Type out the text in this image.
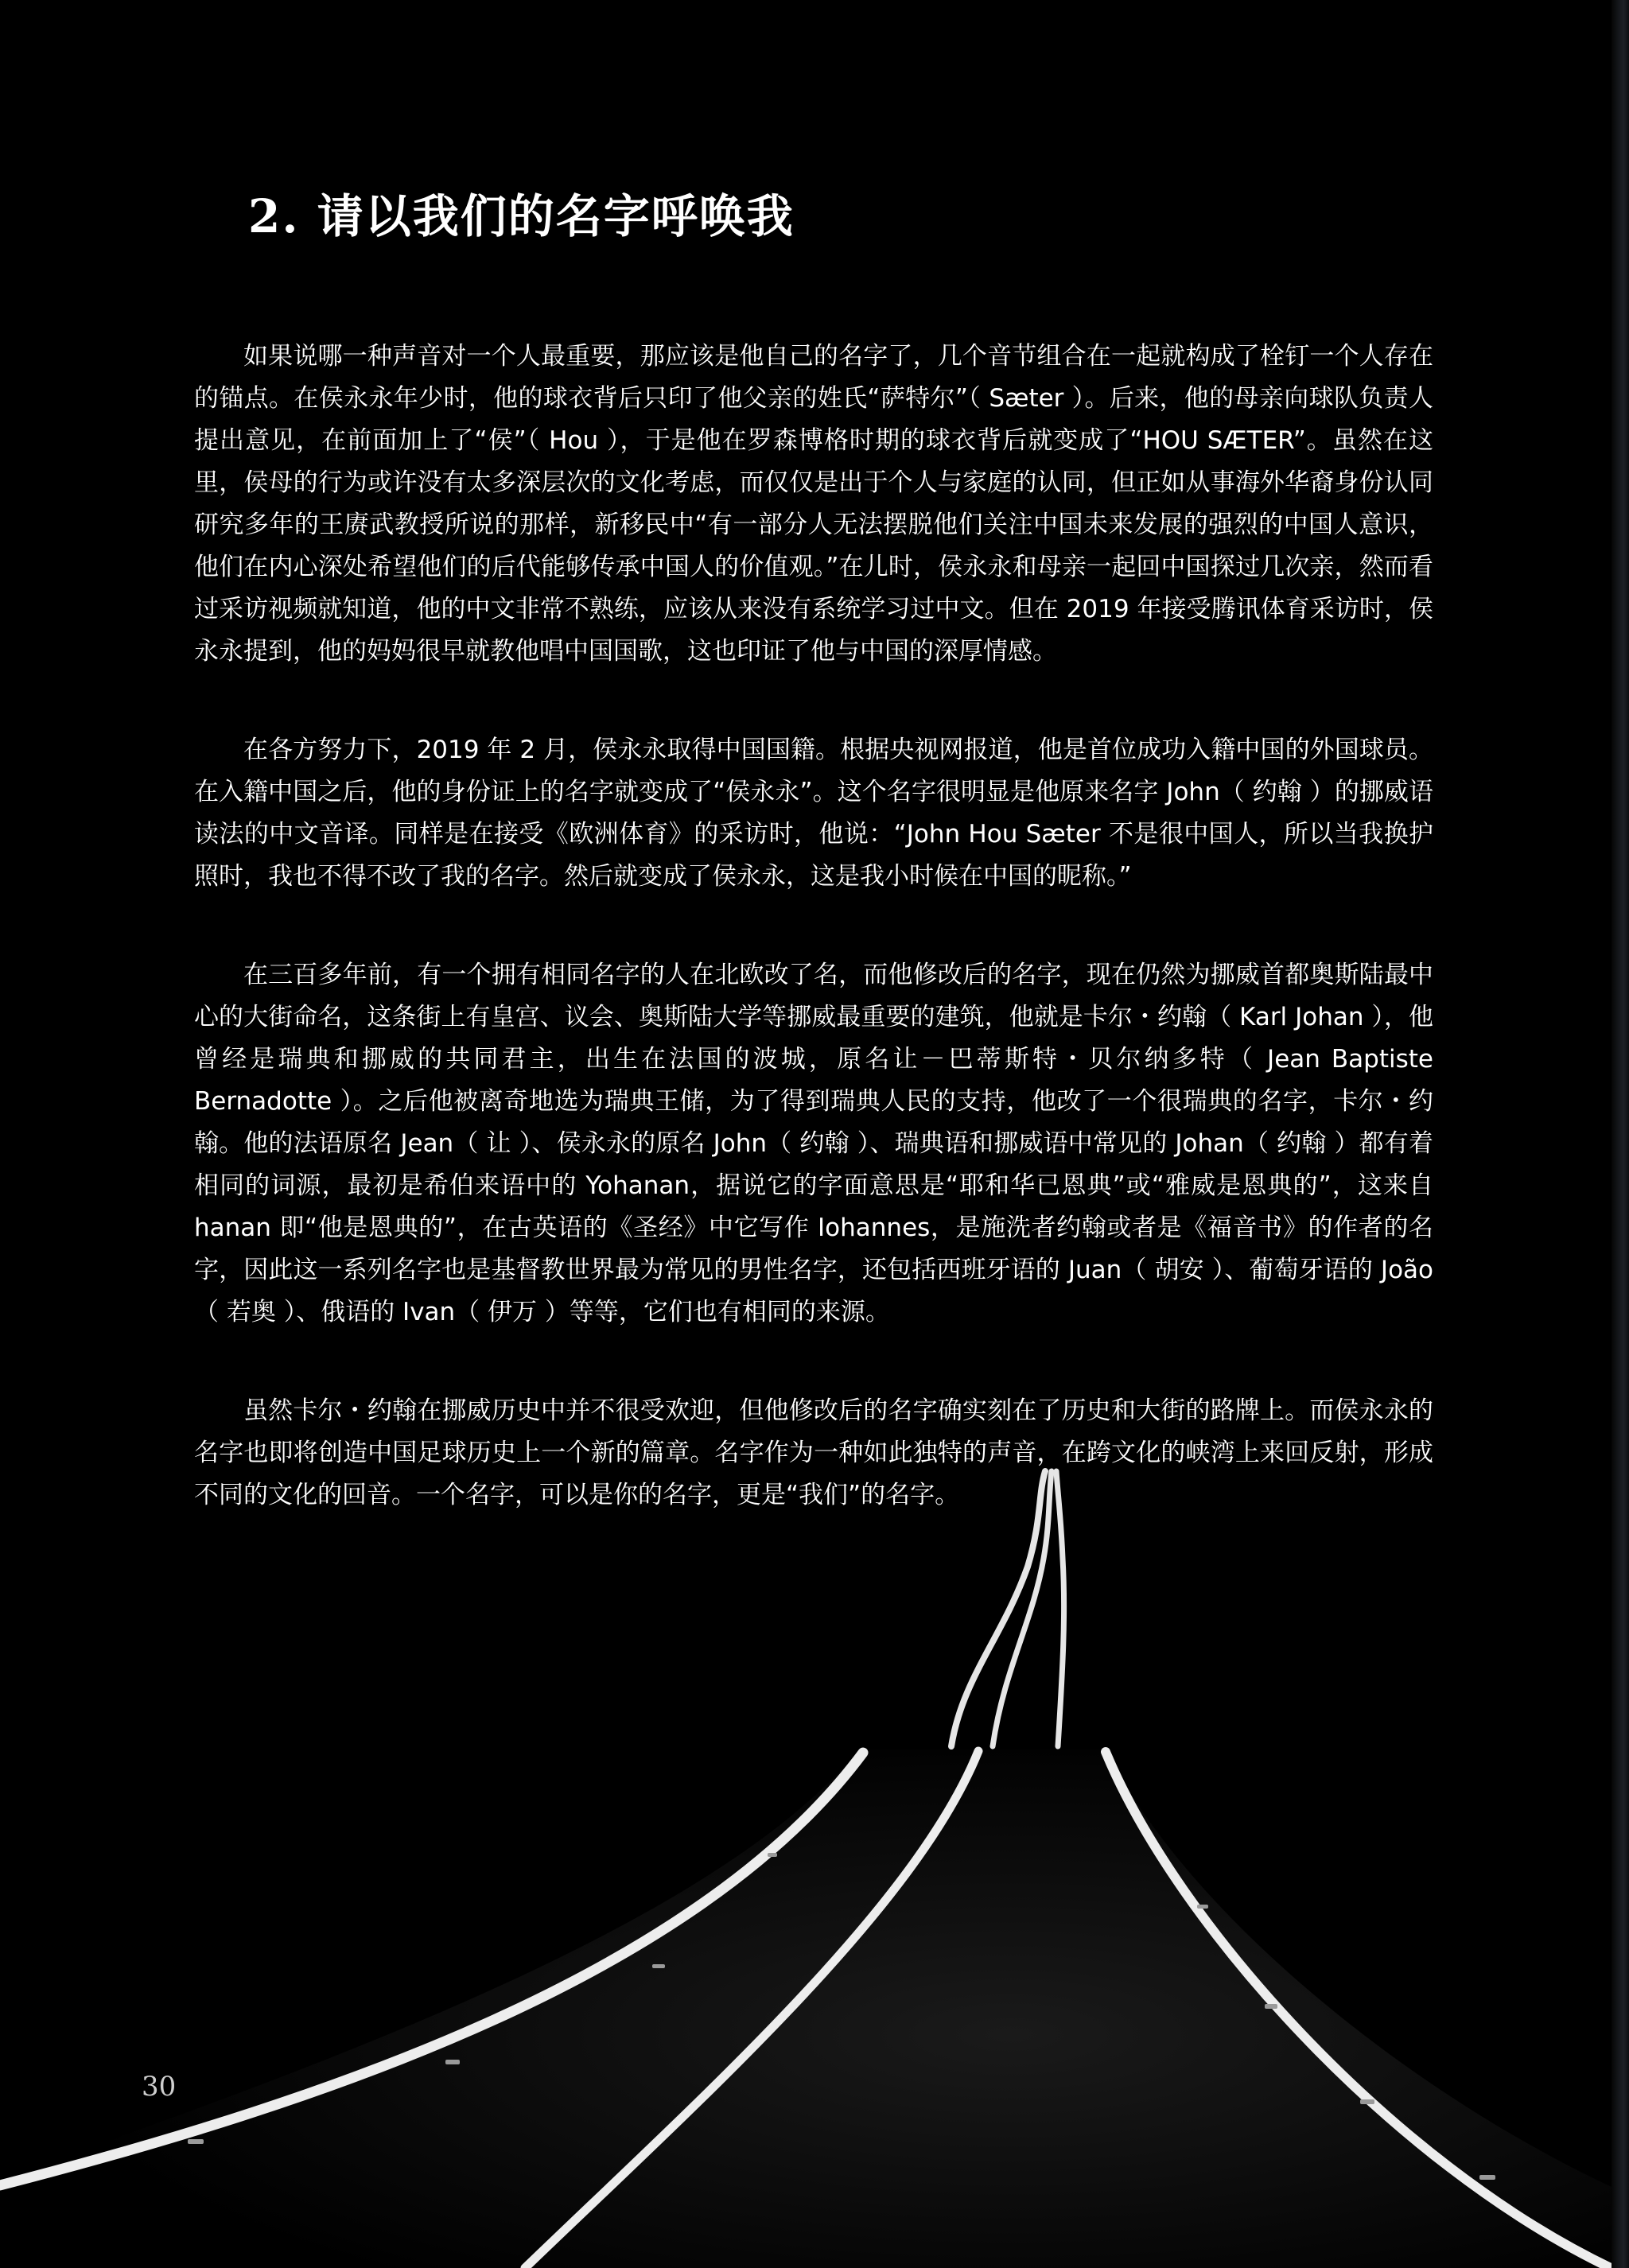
2. 请以我们的名字呼唤我

如果说哪一种声音对一个人最重要，那应该是他自己的名字了，几个音节组合在一起就构成了栓钉一个人存在的锚点。在侯永永年少时，他的球衣背后只印了他父亲的姓氏“萨特尔”（ Sæter ）。后来，他的母亲向球队负责人提出意见，在前面加上了“侯”（ Hou ），于是他在罗森博格时期的球衣背后就变成了“HOU SÆTER”。虽然在这里，侯母的行为或许没有太多深层次的文化考虑，而仅仅是出于个人与家庭的认同，但正如从事海外华裔身份认同研究多年的王赓武教授所说的那样，新移民中“有一部分人无法摆脱他们关注中国未来发展的强烈的中国人意识，他们在内心深处希望他们的后代能够传承中国人的价值观。”在儿时，侯永永和母亲一起回中国探过几次亲，然而看过采访视频就知道，他的中文非常不熟练，应该从来没有系统学习过中文。但在 2019 年接受腾讯体育采访时，侯永永提到，他的妈妈很早就教他唱中国国歌，这也印证了他与中国的深厚情感。

在各方努力下，2019 年 2 月，侯永永取得中国国籍。根据央视网报道，他是首位成功入籍中国的外国球员。在入籍中国之后，他的身份证上的名字就变成了“侯永永”。这个名字很明显是他原来名字 John（ 约翰 ）的挪威语读法的中文音译。同样是在接受《欧洲体育》的采访时，他说：“John Hou Sæter 不是很中国人，所以当我换护照时，我也不得不改了我的名字。然后就变成了侯永永，这是我小时候在中国的昵称。”

在三百多年前，有一个拥有相同名字的人在北欧改了名，而他修改后的名字，现在仍然为挪威首都奥斯陆最中心的大街命名，这条街上有皇宫、议会、奥斯陆大学等挪威最重要的建筑，他就是卡尔・约翰（ Karl Johan ），他曾经是瑞典和挪威的共同君主，出生在法国的波城，原名让－巴蒂斯特・贝尔纳多特（ Jean Baptiste Bernadotte ）。之后他被离奇地选为瑞典王储，为了得到瑞典人民的支持，他改了一个很瑞典的名字，卡尔・约翰。他的法语原名 Jean（ 让 ）、侯永永的原名 John（ 约翰 ）、瑞典语和挪威语中常见的 Johan（ 约翰 ）都有着相同的词源，最初是希伯来语中的 Yohanan，据说它的字面意思是“耶和华已恩典”或“雅威是恩典的”，这来自 hanan 即“他是恩典的”，在古英语的《圣经》中它写作 Iohannes，是施洗者约翰或者是《福音书》的作者的名字，因此这一系列名字也是基督教世界最为常见的男性名字，还包括西班牙语的 Juan（ 胡安 ）、葡萄牙语的 João（ 若奥 ）、俄语的 Ivan（ 伊万 ）等等，它们也有相同的来源。

虽然卡尔・约翰在挪威历史中并不很受欢迎，但他修改后的名字确实刻在了历史和大街的路牌上。而侯永永的名字也即将创造中国足球历史上一个新的篇章。名字作为一种如此独特的声音，在跨文化的峡湾上来回反射，形成不同的文化的回音。一个名字，可以是你的名字，更是“我们”的名字。

30
